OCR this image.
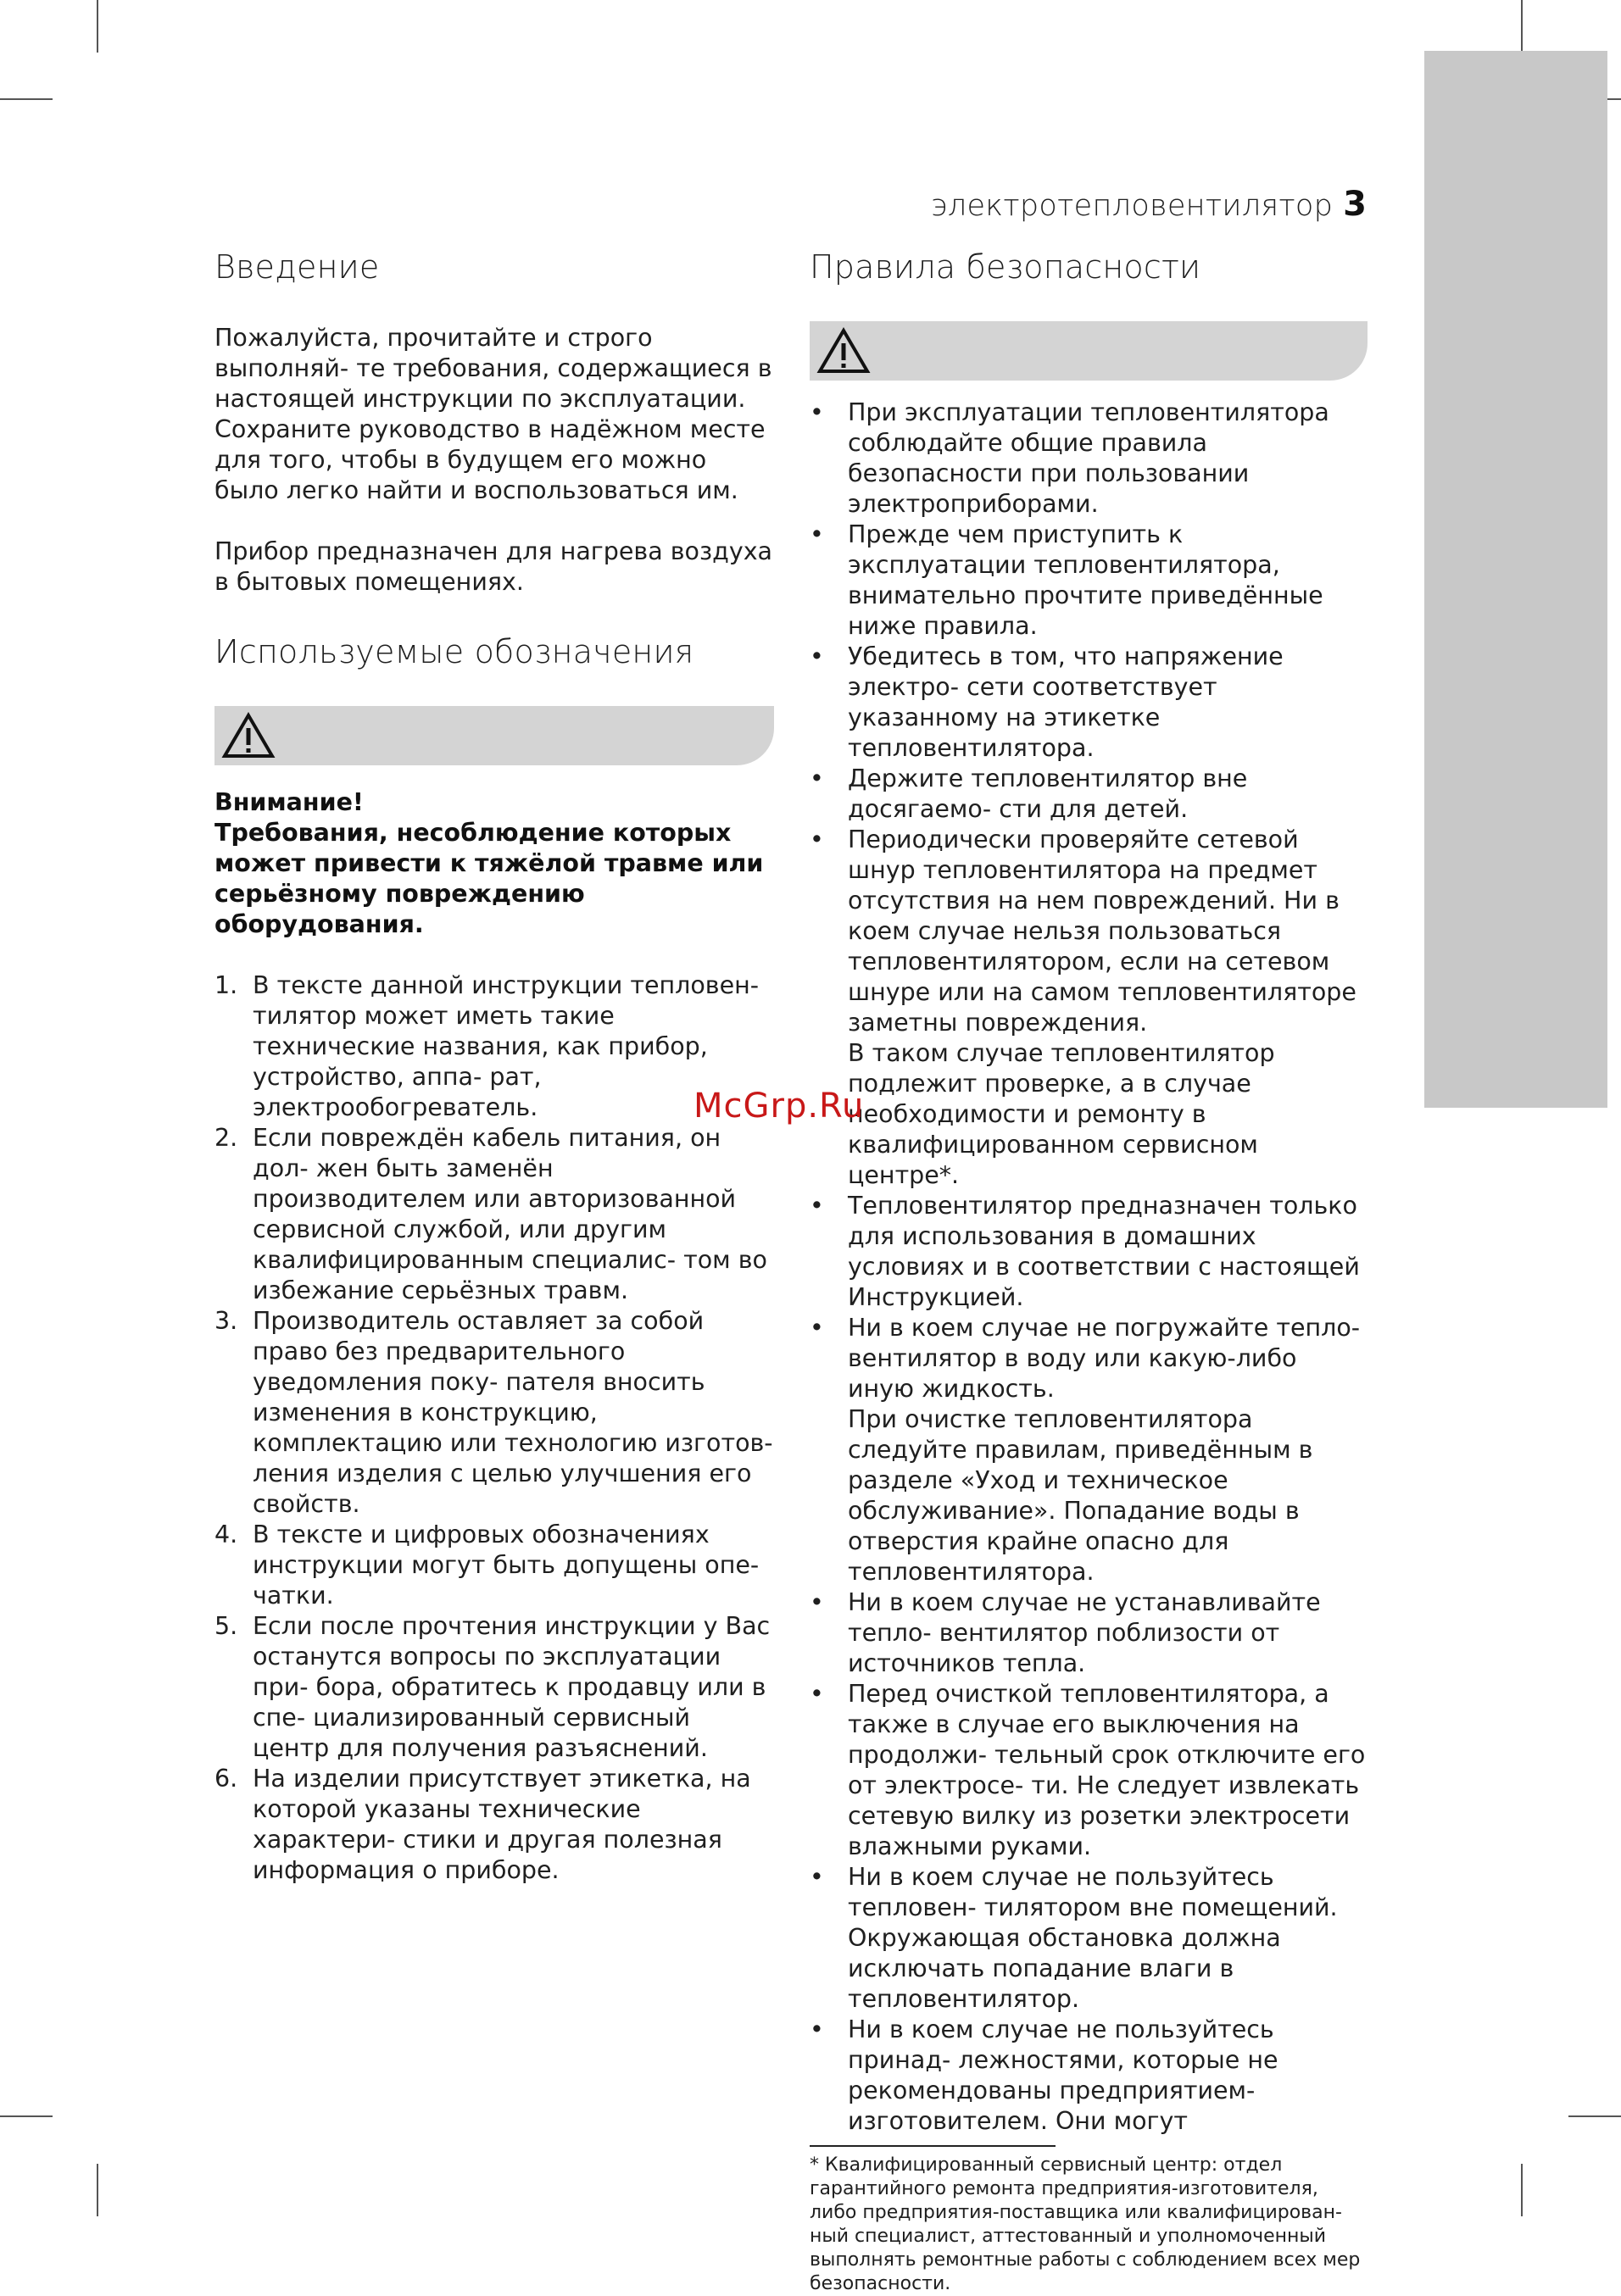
электротепловентилятор 3
Введение

Пожалуйста, прочитайте и строго выполняй- те требования, содержащиеся в настоящей инструкции по эксплуатации. Сохраните руководство в надёжном месте для того, чтобы в будущем его можно было легко найти и воспользоваться им.

Прибор предназначен для нагрева воздуха в бытовых помещениях.

Используемые обозначения
Внимание!
Требования, несоблюдение которых может привести к тяжёлой травме или серьёзному повреждению оборудования.
1. В тексте данной инструкции тепловен- тилятор может иметь такие технические названия, как прибор, устройство, аппа- рат, электрообогреватель.
2. Если повреждён кабель питания, он дол- жен быть заменён производителем или авторизованной сервисной службой, или другим квалифицированным специалис- том во избежание серьёзных травм.
3. Производитель оставляет за собой право без предварительного уведомления поку- пателя вносить изменения в конструкцию, комплектацию или технологию изготов- ления изделия с целью улучшения его свойств.
4. В тексте и цифровых обозначениях инструкции могут быть допущены опе- чатки.
5. Если после прочтения инструкции у Вас останутся вопросы по эксплуатации при- бора, обратитесь к продавцу или в спе- циализированный сервисный центр для получения разъяснений.
6. На изделии присутствует этикетка, на которой указаны технические характери- стики и другая полезная информация о приборе.
Правила безопасности
• При эксплуатации тепловентилятора соблюдайте общие правила безопасности при пользовании электроприборами.
• Прежде чем приступить к эксплуатации тепловентилятора, внимательно прочтите приведённые ниже правила.
• Убедитесь в том, что напряжение электро- сети соответствует указанному на этикетке тепловентилятора.
• Держите тепловентилятор вне досягаемо- сти для детей.
• Периодически проверяйте сетевой шнур тепловентилятора на предмет отсутствия на нем повреждений. Ни в коем случае нельзя пользоваться тепловентилятором, если на сетевом шнуре или на самом тепловентиляторе заметны повреждения.
В таком случае тепловентилятор подлежит проверке, а в случае необходимости и ремонту в квалифицированном сервисном центре*.
• Тепловентилятор предназначен только для использования в домашних условиях и в соответствии с настоящей Инструкцией.
• Ни в коем случае не погружайте тепло- вентилятор в воду или какую-либо иную жидкость.
При очистке тепловентилятора следуйте правилам, приведённым в разделе «Уход и техническое обслуживание». Попадание воды в отверстия крайне опасно для тепловентилятора.
• Ни в коем случае не устанавливайте тепло- вентилятор поблизости от источников тепла.
• Перед очисткой тепловентилятора, а также в случае его выключения на продолжи- тельный срок отключите его от электросе- ти. Не следует извлекать сетевую вилку из розетки электросети влажными руками.
• Ни в коем случае не пользуйтесь тепловен- тилятором вне помещений. Окружающая обстановка должна исключать попадание влаги в тепловентилятор.
• Ни в коем случае не пользуйтесь принад- лежностями, которые не рекомендованы предприятием-изготовителем. Они могут
* Квалифицированный сервисный центр: отдел гарантийного ремонта предприятия-изготовителя, либо предприятия-поставщика или квалифицирован- ный специалист, аттестованный и уполномоченный выполнять ремонтные работы с соблюдением всех мер безопасности.
McGrp.Ru
